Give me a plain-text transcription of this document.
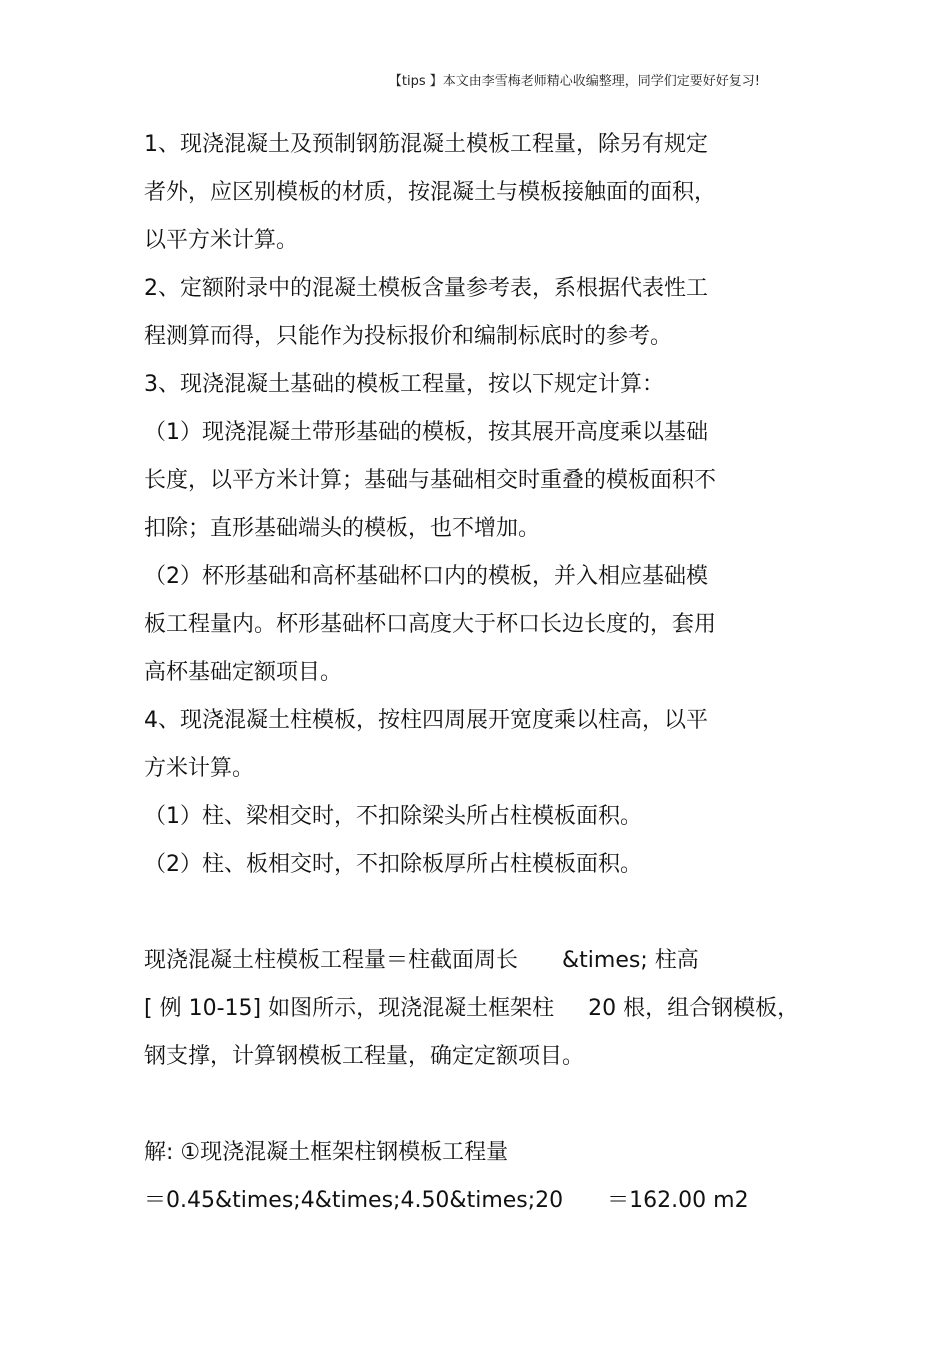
【tips 】本文由李雪梅老师精心收编整理，同学们定要好好复习!
1、现浇混凝土及预制钢筋混凝土模板工程量，除另有规定
者外，应区别模板的材质，按混凝土与模板接触面的面积，
以平方米计算。
2、定额附录中的混凝土模板含量参考表，系根据代表性工
程测算而得，只能作为投标报价和编制标底时的参考。
3、现浇混凝土基础的模板工程量，按以下规定计算：
（1）现浇混凝土带形基础的模板，按其展开高度乘以基础
长度，以平方米计算；基础与基础相交时重叠的模板面积不
扣除；直形基础端头的模板，也不增加。
（2）杯形基础和高杯基础杯口内的模板，并入相应基础模
板工程量内。杯形基础杯口高度大于杯口长边长度的，套用
高杯基础定额项目。
4、现浇混凝土柱模板，按柱四周展开宽度乘以柱高，以平
方米计算。
（1）柱、梁相交时，不扣除梁头所占柱模板面积。
（2）柱、板相交时，不扣除板厚所占柱模板面积。
现浇混凝土柱模板工程量＝柱截面周长 &times; 柱高
[ 例 10-15] 如图所示，现浇混凝土框架柱 20 根，组合钢模板，
钢支撑，计算钢模板工程量，确定定额项目。
解: ①现浇混凝土框架柱钢模板工程量
＝0.45&times;4&times;4.50&times;20 ＝162.00 m2
